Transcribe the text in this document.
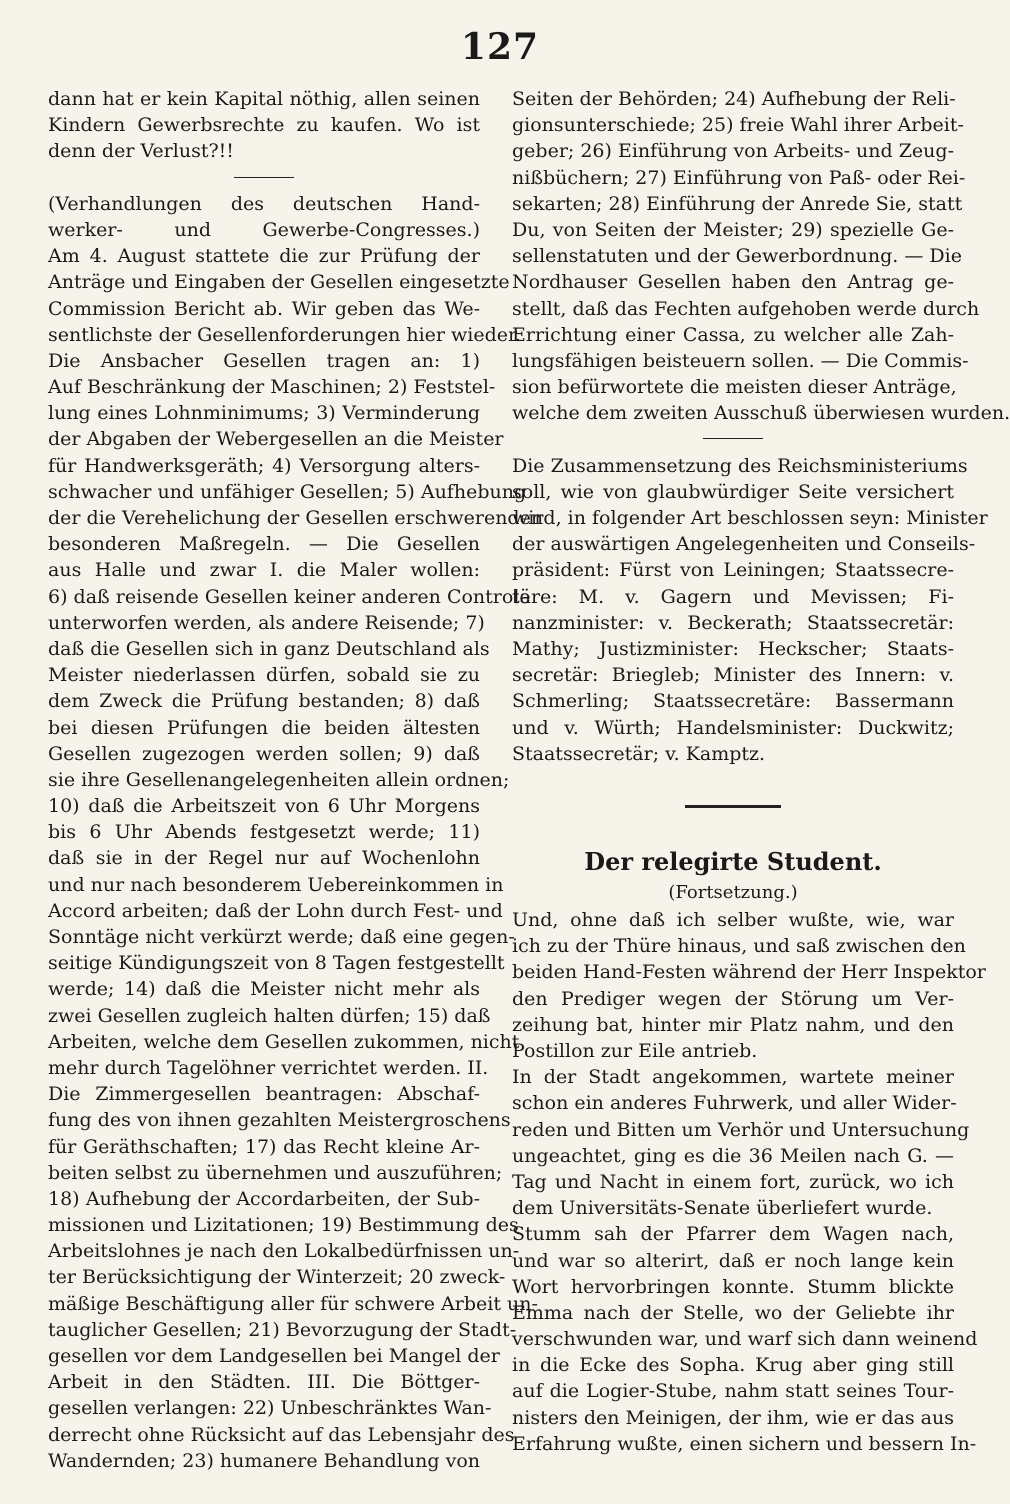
127
dann hat er kein Kapital nöthig, allen seinen
Kindern Gewerbsrechte zu kaufen. Wo ist
denn der Verlust?!!
(Verhandlungen des deutschen Hand-
werker- und Gewerbe-Congresses.)
Am 4. August stattete die zur Prüfung der
Anträge und Eingaben der Gesellen eingesetzte
Commission Bericht ab. Wir geben das We-
sentlichste der Gesellenforderungen hier wieder.
Die Ansbacher Gesellen tragen an: 1)
Auf Beschränkung der Maschinen; 2) Feststel-
lung eines Lohnminimums; 3) Verminderung
der Abgaben der Webergesellen an die Meister
für Handwerksgeräth; 4) Versorgung alters-
schwacher und unfähiger Gesellen; 5) Aufhebung
der die Verehelichung der Gesellen erschwerenden
besonderen Maßregeln. — Die Gesellen
aus Halle und zwar I. die Maler wollen:
6) daß reisende Gesellen keiner anderen Controle
unterworfen werden, als andere Reisende; 7)
daß die Gesellen sich in ganz Deutschland als
Meister niederlassen dürfen, sobald sie zu
dem Zweck die Prüfung bestanden; 8) daß
bei diesen Prüfungen die beiden ältesten
Gesellen zugezogen werden sollen; 9) daß
sie ihre Gesellenangelegenheiten allein ordnen;
10) daß die Arbeitszeit von 6 Uhr Morgens
bis 6 Uhr Abends festgesetzt werde; 11)
daß sie in der Regel nur auf Wochenlohn
und nur nach besonderem Uebereinkommen in
Accord arbeiten; daß der Lohn durch Fest- und
Sonntäge nicht verkürzt werde; daß eine gegen-
seitige Kündigungszeit von 8 Tagen festgestellt
werde; 14) daß die Meister nicht mehr als
zwei Gesellen zugleich halten dürfen; 15) daß
Arbeiten, welche dem Gesellen zukommen, nicht
mehr durch Tagelöhner verrichtet werden. II.
Die Zimmergesellen beantragen: Abschaf-
fung des von ihnen gezahlten Meistergroschens
für Geräthschaften; 17) das Recht kleine Ar-
beiten selbst zu übernehmen und auszuführen;
18) Aufhebung der Accordarbeiten, der Sub-
missionen und Lizitationen; 19) Bestimmung des
Arbeitslohnes je nach den Lokalbedürfnissen un-
ter Berücksichtigung der Winterzeit; 20 zweck-
mäßige Beschäftigung aller für schwere Arbeit un-
tauglicher Gesellen; 21) Bevorzugung der Stadt-
gesellen vor dem Landgesellen bei Mangel der
Arbeit in den Städten. III. Die Böttger-
gesellen verlangen: 22) Unbeschränktes Wan-
derrecht ohne Rücksicht auf das Lebensjahr des
Wandernden; 23) humanere Behandlung von
Seiten der Behörden; 24) Aufhebung der Reli-
gionsunterschiede; 25) freie Wahl ihrer Arbeit-
geber; 26) Einführung von Arbeits- und Zeug-
nißbüchern; 27) Einführung von Paß- oder Rei-
sekarten; 28) Einführung der Anrede Sie, statt
Du, von Seiten der Meister; 29) spezielle Ge-
sellenstatuten und der Gewerbordnung. — Die
Nordhauser Gesellen haben den Antrag ge-
stellt, daß das Fechten aufgehoben werde durch
Errichtung einer Cassa, zu welcher alle Zah-
lungsfähigen beisteuern sollen. — Die Commis-
sion befürwortete die meisten dieser Anträge,
welche dem zweiten Ausschuß überwiesen wurden.
Die Zusammensetzung des Reichsministeriums
soll, wie von glaubwürdiger Seite versichert
wird, in folgender Art beschlossen seyn: Minister
der auswärtigen Angelegenheiten und Conseils-
präsident: Fürst von Leiningen; Staatssecre-
täre: M. v. Gagern und Mevissen; Fi-
nanzminister: v. Beckerath; Staatssecretär:
Mathy; Justizminister: Heckscher; Staats-
secretär: Briegleb; Minister des Innern: v.
Schmerling; Staatssecretäre: Bassermann
und v. Würth; Handelsminister: Duckwitz;
Staatssecretär; v. Kamptz.
Der relegirte Student.
(Fortsetzung.)
Und, ohne daß ich selber wußte, wie, war
ich zu der Thüre hinaus, und saß zwischen den
beiden Hand-Festen während der Herr Inspektor
den Prediger wegen der Störung um Ver-
zeihung bat, hinter mir Platz nahm, und den
Postillon zur Eile antrieb.
In der Stadt angekommen, wartete meiner
schon ein anderes Fuhrwerk, und aller Wider-
reden und Bitten um Verhör und Untersuchung
ungeachtet, ging es die 36 Meilen nach G. —
Tag und Nacht in einem fort, zurück, wo ich
dem Universitäts-Senate überliefert wurde.
Stumm sah der Pfarrer dem Wagen nach,
und war so alterirt, daß er noch lange kein
Wort hervorbringen konnte. Stumm blickte
Emma nach der Stelle, wo der Geliebte ihr
verschwunden war, und warf sich dann weinend
in die Ecke des Sopha. Krug aber ging still
auf die Logier-Stube, nahm statt seines Tour-
nisters den Meinigen, der ihm, wie er das aus
Erfahrung wußte, einen sichern und bessern In-
